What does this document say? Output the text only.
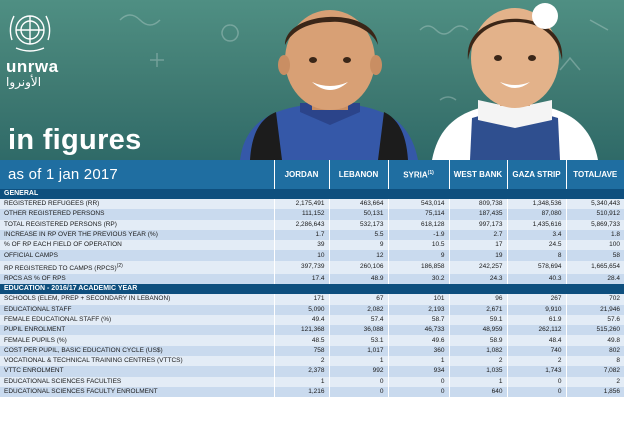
unrwa
الأونروا
in figures
as of 1 jan 2017	JORDAN	LEBANON	SYRIA$^{(1)}$	WEST BANK	GAZA STRIP	TOTAL/AVE
GENERAL						
REGISTERED REFUGEES (RR)	2,175,491	463,664	543,014	809,738	1,348,536	5,340,443
OTHER REGISTERED PERSONS	111,152	50,131	75,114	187,435	87,080	510,912
TOTAL REGISTERED PERSONS (RP)	2,286,643	532,173	618,128	997,173	1,435,616	5,869,733
INCREASE IN RP OVER THE PREVIOUS YEAR (%)	1.7	5.5	-1.9	2.7	3.4	1.8
% OF RP EACH FIELD OF OPERATION	39	9	10.5	17	24.5	100
OFFICIAL CAMPS	10	12	9	19	8	58
RP REGISTERED TO CAMPS (RPCS)$^{(2)}$	397,739	260,106	186,858	242,257	578,694	1,665,654
RPCS AS % OF RPS	17.4	48.9	30.2	24.3	40.3	28.4
EDUCATION - 2016/17 ACADEMIC YEAR						
SCHOOLS (ELEM, PREP + SECONDARY IN LEBANON)	171	67	101	96	267	702
EDUCATIONAL STAFF	5,090	2,082	2,193	2,671	9,910	21,946
FEMALE EDUCATIONAL STAFF (%)	49.4	57.4	58.7	59.1	61.9	57.6
PUPIL ENROLMENT	121,368	36,088	46,733	48,959	262,112	515,260
FEMALE PUPILS (%)	48.5	53.1	49.6	58.9	48.4	49.8
COST PER PUPIL, BASIC EDUCATION CYCLE (US$)	758	1,017	360	1,082	740	802
VOCATIONAL & TECHNICAL TRAINING CENTRES (VTTCS)	2	1	1	2	2	8
VTTC ENROLMENT	2,378	992	934	1,035	1,743	7,082
EDUCATIONAL SCIENCES FACULTIES	1	0	0	1	0	2
EDUCATIONAL SCIENCES FACULTY ENROLMENT	1,216	0	0	640	0	1,856
